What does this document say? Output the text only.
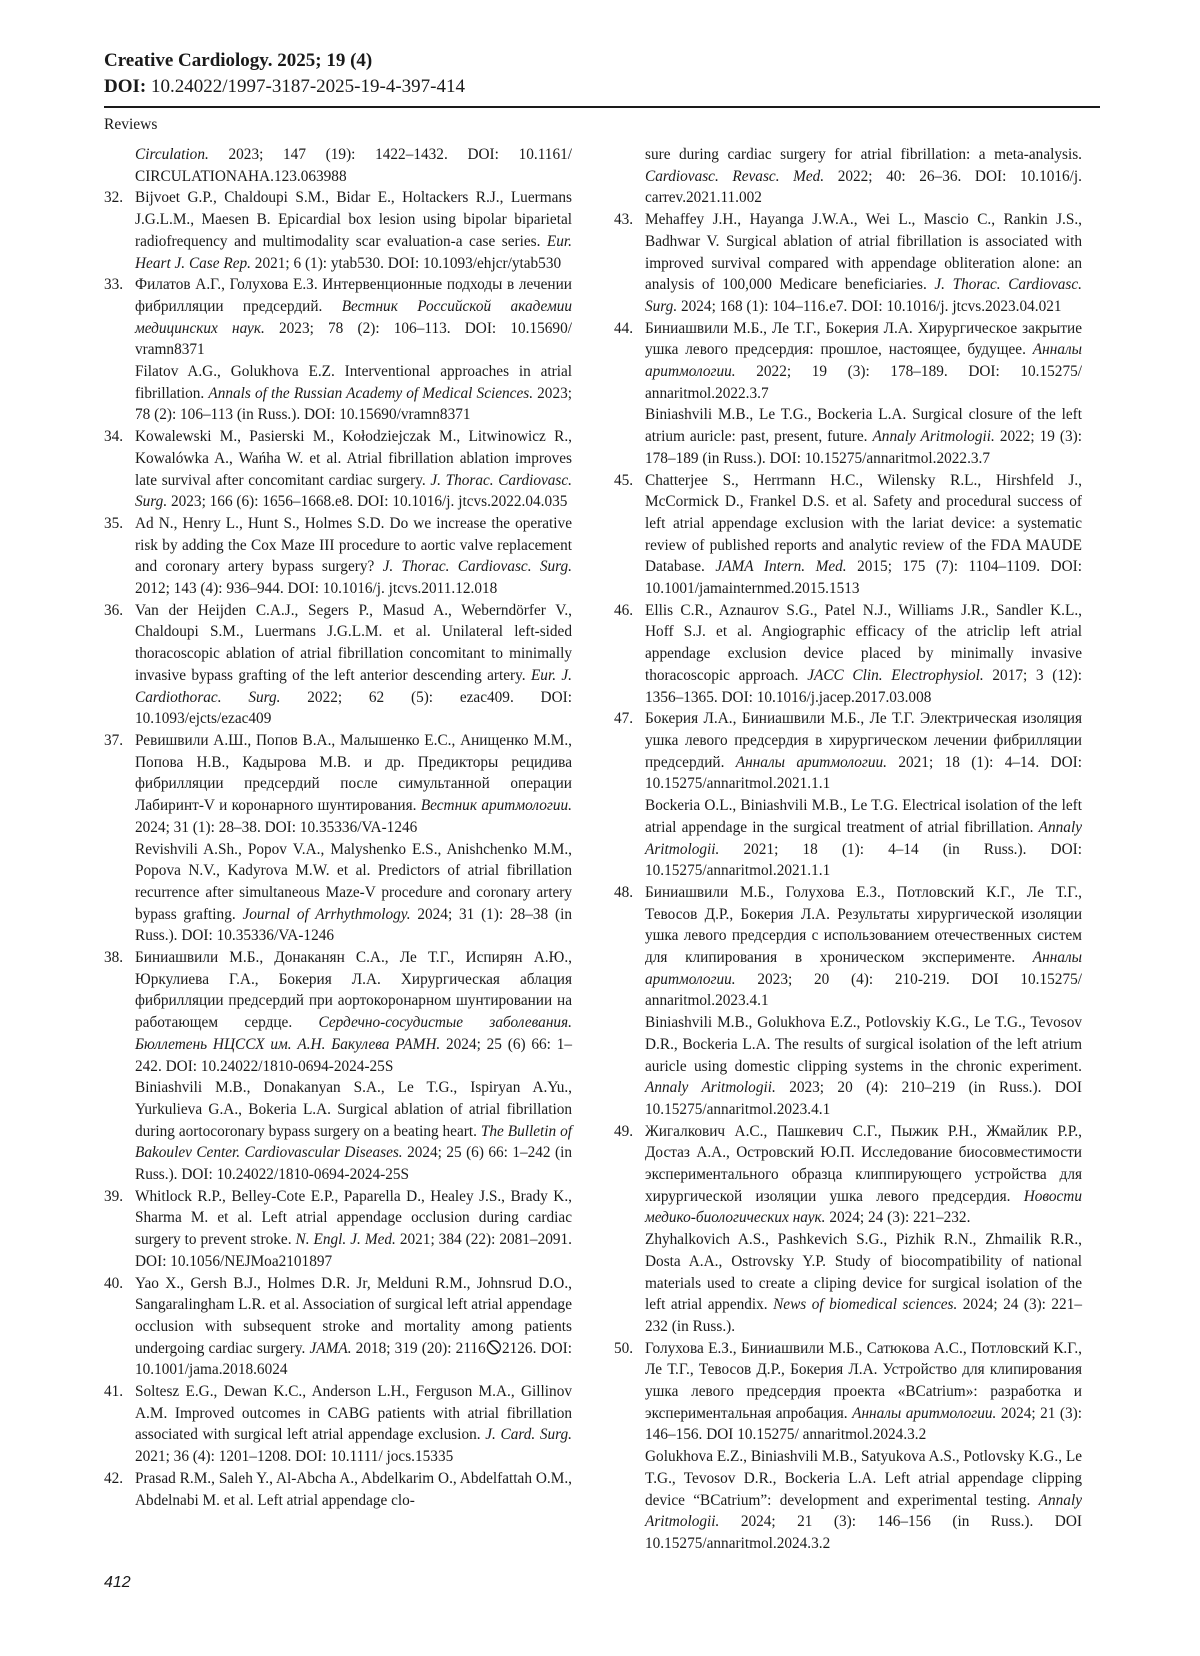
Creative Cardiology. 2025; 19 (4)
DOI: 10.24022/1997-3187-2025-19-4-397-414
Reviews

Circulation. 2023; 147 (19): 1422–1432. DOI: 10.1161/ CIRCULATIONAHA.123.063988

32. Bijvoet G.P., Chaldoupi S.M., Bidar E., Holtackers R.J., Luermans J.G.L.M., Maesen B. Epicardial box lesion using bipolar biparietal radiofrequency and multimodality scar evaluation-a case series. Eur. Heart J. Case Rep. 2021; 6 (1): ytab530. DOI: 10.1093/ehjcr/ytab530

33. Филатов А.Г., Голухова Е.З. Интервенционные подходы в лечении фибрилляции предсердий. Вестник Российской академии медицинских наук. 2023; 78 (2): 106–113. DOI: 10.15690/ vramn8371

Filatov A.G., Golukhova E.Z. Interventional approaches in atrial fibrillation. Annals of the Russian Academy of Medical Sciences. 2023; 78 (2): 106–113 (in Russ.). DOI: 10.15690/vramn8371

34. Kowalewski M., Pasierski M., Kołodziejczak M., Litwinowicz R., Kowalówka A., Wańha W. et al. Atrial fibrillation ablation improves late survival after concomitant cardiac surgery. J. Thorac. Cardiovasc. Surg. 2023; 166 (6): 1656–1668.e8. DOI: 10.1016/j. jtcvs.2022.04.035

35. Ad N., Henry L., Hunt S., Holmes S.D. Do we increase the operative risk by adding the Cox Maze III procedure to aortic valve replacement and coronary artery bypass surgery? J. Thorac. Cardiovasc. Surg. 2012; 143 (4): 936–944. DOI: 10.1016/j. jtcvs.2011.12.018

36. Van der Heijden C.A.J., Segers P., Masud A., Weberndörfer V., Chaldoupi S.M., Luermans J.G.L.M. et al. Unilateral left-sided thoracoscopic ablation of atrial fibrillation concomitant to minimally invasive bypass grafting of the left anterior descending artery. Eur. J. Cardiothorac. Surg. 2022; 62 (5): ezac409. DOI: 10.1093/ejcts/ezac409

37. Ревишвили А.Ш., Попов В.А., Малышенко Е.С., Анищенко М.М., Попова Н.В., Кадырова М.В. и др. Предикторы рецидива фибрилляции предсердий после симультанной операции Лабиринт-V и коронарного шунтирования. Вестник аритмологии. 2024; 31 (1): 28–38. DOI: 10.35336/VA-1246

Revishvili A.Sh., Popov V.A., Malyshenko E.S., Anishchenko M.M., Popova N.V., Kadyrova M.W. et al. Predictors of atrial fibrillation recurrence after simultaneous Maze-V procedure and coronary artery bypass grafting. Journal of Arrhythmology. 2024; 31 (1): 28–38 (in Russ.). DOI: 10.35336/VA-1246

38. Биниашвили М.Б., Донаканян С.А., Ле Т.Г., Испирян А.Ю., Юркулиева Г.А., Бокерия Л.А. Хирургическая аблация фибрилляции предсердий при аортокоронарном шунтировании на работающем сердце. Сердечно-сосудистые заболевания. Бюллетень НЦССХ им. А.Н. Бакулева РАМН. 2024; 25 (6) 66: 1–242. DOI: 10.24022/1810-0694-2024-25S

Biniashvili M.B., Donakanyan S.A., Le T.G., Ispiryan A.Yu., Yurkulieva G.A., Bokeria L.A. Surgical ablation of atrial fibrillation during aortocoronary bypass surgery on a beating heart. The Bulletin of Bakoulev Center. Cardiovascular Diseases. 2024; 25 (6) 66: 1–242 (in Russ.). DOI: 10.24022/1810-0694-2024-25S

39. Whitlock R.P., Belley-Cote E.P., Paparella D., Healey J.S., Brady K., Sharma M. et al. Left atrial appendage occlusion during cardiac surgery to prevent stroke. N. Engl. J. Med. 2021; 384 (22): 2081–2091. DOI: 10.1056/NEJMoa2101897

40. Yao X., Gersh B.J., Holmes D.R. Jr, Melduni R.M., Johnsrud D.O., Sangaralingham L.R. et al. Association of surgical left atrial appendage occlusion with subsequent stroke and mortality among patients undergoing cardiac surgery. JAMA. 2018; 319 (20): 2116🛇2126. DOI: 10.1001/jama.2018.6024

41. Soltesz E.G., Dewan K.C., Anderson L.H., Ferguson M.A., Gillinov A.M. Improved outcomes in CABG patients with atrial fibrillation associated with surgical left atrial appendage exclusion. J. Card. Surg. 2021; 36 (4): 1201–1208. DOI: 10.1111/ jocs.15335

42. Prasad R.M., Saleh Y., Al-Abcha A., Abdelkarim O., Abdelfattah O.M., Abdelnabi M. et al. Left atrial appendage clo-

sure during cardiac surgery for atrial fibrillation: a meta-analysis. Cardiovasc. Revasc. Med. 2022; 40: 26–36. DOI: 10.1016/j. carrev.2021.11.002

43. Mehaffey J.H., Hayanga J.W.A., Wei L., Mascio C., Rankin J.S., Badhwar V. Surgical ablation of atrial fibrillation is associated with improved survival compared with appendage obliteration alone: an analysis of 100,000 Medicare beneficiaries. J. Thorac. Cardiovasc. Surg. 2024; 168 (1): 104–116.e7. DOI: 10.1016/j. jtcvs.2023.04.021

44. Биниашвили М.Б., Ле Т.Г., Бокерия Л.А. Хирургическое закрытие ушка левого предсердия: прошлое, настоящее, будущее. Анналы аритмологии. 2022; 19 (3): 178–189. DOI: 10.15275/ annaritmol.2022.3.7

Biniashvili M.B., Le T.G., Bockeria L.A. Surgical closure of the left atrium auricle: past, present, future. Annaly Aritmologii. 2022; 19 (3): 178–189 (in Russ.). DOI: 10.15275/annaritmol.2022.3.7

45. Chatterjee S., Herrmann H.C., Wilensky R.L., Hirshfeld J., McCormick D., Frankel D.S. et al. Safety and procedural success of left atrial appendage exclusion with the lariat device: a systematic review of published reports and analytic review of the FDA MAUDE Database. JAMA Intern. Med. 2015; 175 (7): 1104–1109. DOI: 10.1001/jamainternmed.2015.1513

46. Ellis C.R., Aznaurov S.G., Patel N.J., Williams J.R., Sandler K.L., Hoff S.J. et al. Angiographic efficacy of the atriclip left atrial appendage exclusion device placed by minimally invasive thoracoscopic approach. JACC Clin. Electrophysiol. 2017; 3 (12): 1356–1365. DOI: 10.1016/j.jacep.2017.03.008

47. Бокерия Л.А., Биниашвили М.Б., Ле Т.Г. Электрическая изоляция ушка левого предсердия в хирургическом лечении фибрилляции предсердий. Анналы аритмологии. 2021; 18 (1): 4–14. DOI: 10.15275/annaritmol.2021.1.1

Bockeria O.L., Biniashvili M.B., Le T.G. Electrical isolation of the left atrial appendage in the surgical treatment of atrial fibrillation. Annaly Aritmologii. 2021; 18 (1): 4–14 (in Russ.). DOI: 10.15275/annaritmol.2021.1.1

48. Биниашвили М.Б., Голухова Е.З., Потловский К.Г., Ле Т.Г., Тевосов Д.Р., Бокерия Л.А. Результаты хирургической изоляции ушка левого предсердия с использованием отечественных систем для клипирования в хроническом эксперименте. Анналы аритмологии. 2023; 20 (4): 210-219. DOI 10.15275/ annaritmol.2023.4.1

Biniashvili M.B., Golukhova E.Z., Potlovskiy K.G., Le T.G., Tevosov D.R., Bockeria L.A. The results of surgical isolation of the left atrium auricle using domestic clipping systems in the chronic experiment. Annaly Aritmologii. 2023; 20 (4): 210–219 (in Russ.). DOI 10.15275/annaritmol.2023.4.1

49. Жигалкович А.С., Пашкевич С.Г., Пыжик Р.Н., Жмайлик Р.Р., Достаз А.А., Островский Ю.П. Исследование биосовместимости экспериментального образца клиппирующего устройства для хирургической изоляции ушка левого предсердия. Новости медико-биологических наук. 2024; 24 (3): 221–232.

Zhyhalkovich A.S., Pashkevich S.G., Pizhik R.N., Zhmailik R.R., Dosta A.A., Ostrovsky Y.P. Study of biocompatibility of national materials used to create a cliping device for surgical isolation of the left atrial appendix. News of biomedical sciences. 2024; 24 (3): 221–232 (in Russ.).

50. Голухова Е.З., Биниашвили М.Б., Сатюкова А.С., Потловский К.Г., Ле Т.Г., Тевосов Д.Р., Бокерия Л.А. Устройство для клипирования ушка левого предсердия проекта «BCatrium»: разработка и экспериментальная апробация. Анналы аритмологии. 2024; 21 (3): 146–156. DOI 10.15275/ annaritmol.2024.3.2

Golukhova E.Z., Biniashvili M.B., Satyukova A.S., Potlovsky K.G., Le T.G., Tevosov D.R., Bockeria L.A. Left atrial appendage clipping device “BCatrium”: development and experimental testing. Annaly Aritmologii. 2024; 21 (3): 146–156 (in Russ.). DOI 10.15275/annaritmol.2024.3.2

412
